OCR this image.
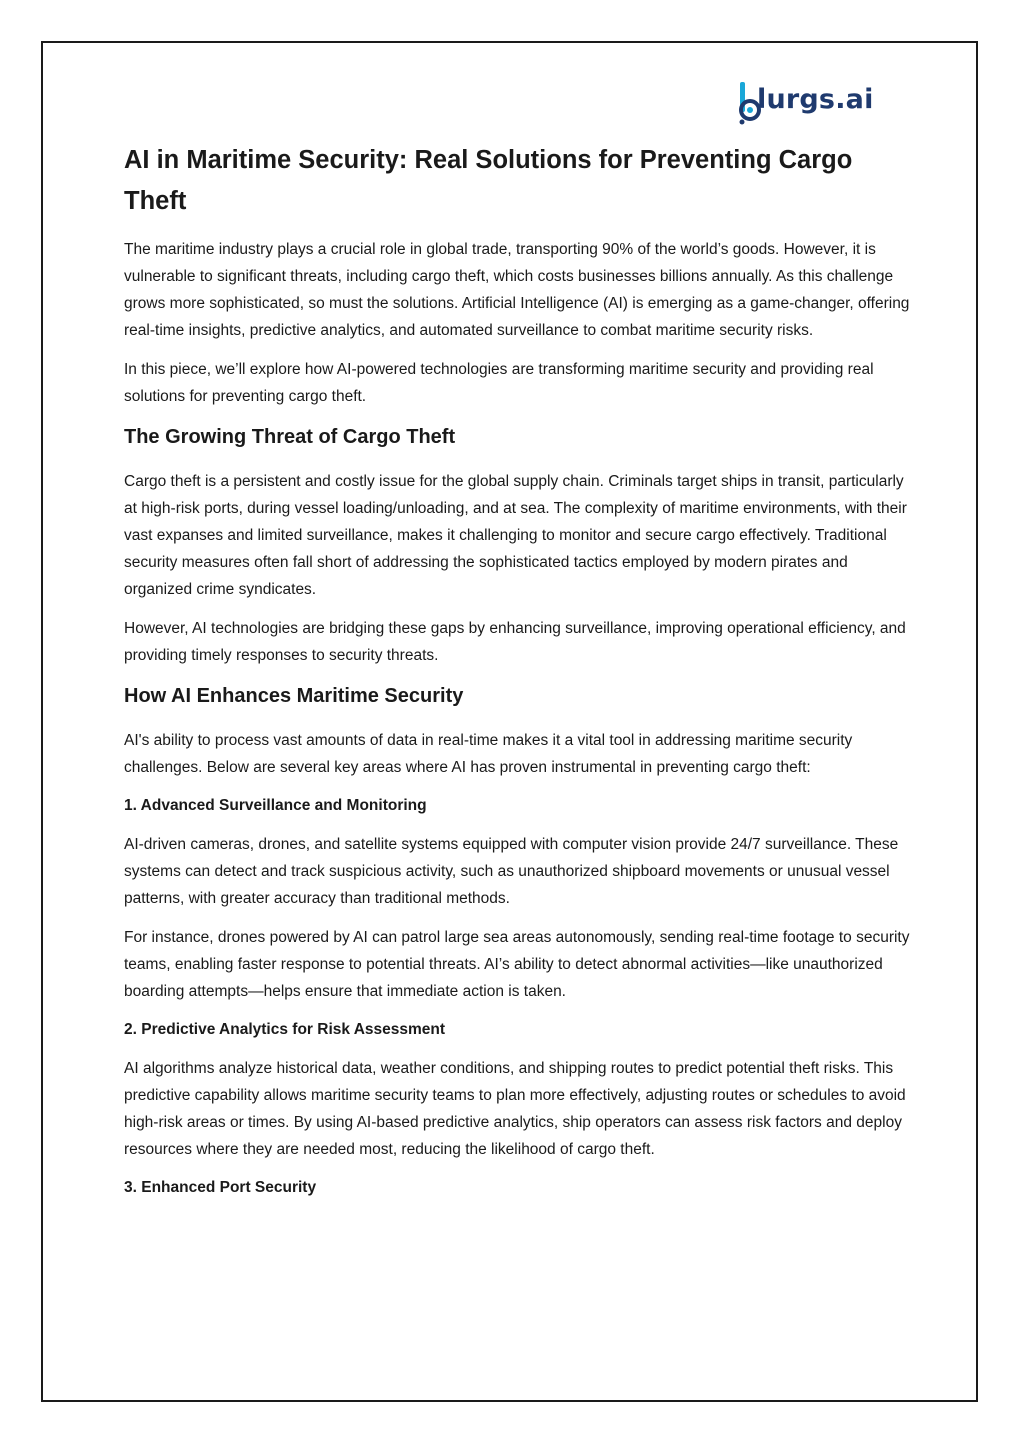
lurgs.ai
AI in Maritime Security: Real Solutions for Preventing Cargo Theft

The maritime industry plays a crucial role in global trade, transporting 90% of the world’s goods. However, it is vulnerable to significant threats, including cargo theft, which costs businesses billions annually. As this challenge grows more sophisticated, so must the solutions. Artificial Intelligence (AI) is emerging as a game-changer, offering real-time insights, predictive analytics, and automated surveillance to combat maritime security risks.

In this piece, we’ll explore how AI-powered technologies are transforming maritime security and providing real solutions for preventing cargo theft.

The Growing Threat of Cargo Theft

Cargo theft is a persistent and costly issue for the global supply chain. Criminals target ships in transit, particularly at high-risk ports, during vessel loading/unloading, and at sea. The complexity of maritime environments, with their vast expanses and limited surveillance, makes it challenging to monitor and secure cargo effectively. Traditional security measures often fall short of addressing the sophisticated tactics employed by modern pirates and organized crime syndicates.

However, AI technologies are bridging these gaps by enhancing surveillance, improving operational efficiency, and providing timely responses to security threats.

How AI Enhances Maritime Security

AI's ability to process vast amounts of data in real-time makes it a vital tool in addressing maritime security challenges. Below are several key areas where AI has proven instrumental in preventing cargo theft:

1. Advanced Surveillance and Monitoring

AI-driven cameras, drones, and satellite systems equipped with computer vision provide 24/7 surveillance. These systems can detect and track suspicious activity, such as unauthorized shipboard movements or unusual vessel patterns, with greater accuracy than traditional methods.

For instance, drones powered by AI can patrol large sea areas autonomously, sending real-time footage to security teams, enabling faster response to potential threats. AI’s ability to detect abnormal activities—like unauthorized boarding attempts—helps ensure that immediate action is taken.

2. Predictive Analytics for Risk Assessment

AI algorithms analyze historical data, weather conditions, and shipping routes to predict potential theft risks. This predictive capability allows maritime security teams to plan more effectively, adjusting routes or schedules to avoid high-risk areas or times. By using AI-based predictive analytics, ship operators can assess risk factors and deploy resources where they are needed most, reducing the likelihood of cargo theft.

3. Enhanced Port Security
